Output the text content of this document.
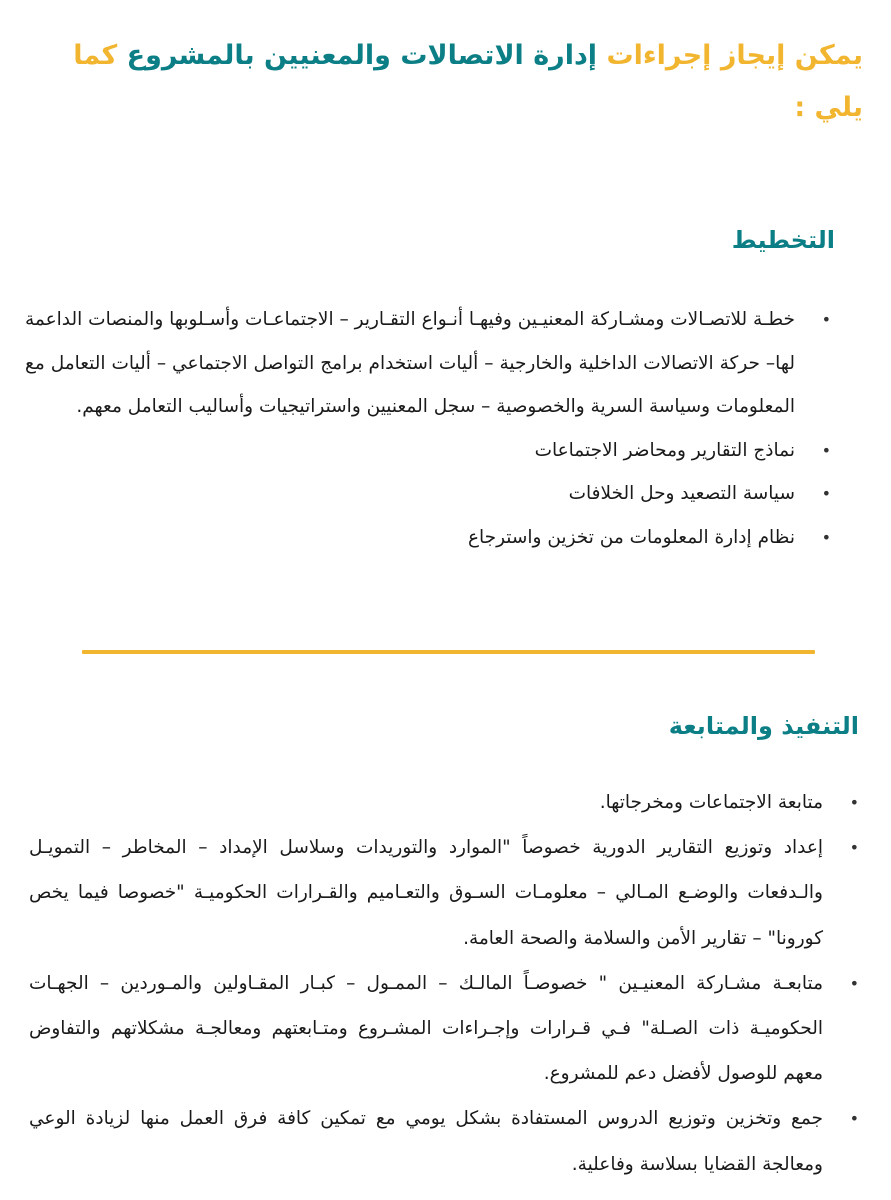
يمكن إيجاز إجراءات إدارة الاتصالات والمعنيين بالمشروع كما يلي :
التخطيط
•
خطـة للاتصـالات ومشـاركة المعنيـين وفيهـا أنـواع التقـارير – الاجتماعـات وأسـلوبها والمنصات الداعمة لها– حركة الاتصالات الداخلية والخارجية – أليات استخدام برامج التواصل الاجتماعي – أليات التعامل مع المعلومات وسياسة السرية والخصوصية – سجل المعنيين واستراتيجيات وأساليب التعامل معهم.
•
نماذج التقارير ومحاضر الاجتماعات
•
سياسة التصعيد وحل الخلافات
•
نظام إدارة المعلومات من تخزين واسترجاع
التنفيذ والمتابعة
•
متابعة الاجتماعات ومخرجاتها.
•
إعداد وتوزيع التقارير الدورية خصوصاً "الموارد والتوريدات وسلاسل الإمداد – المخاطر – التمويـل والـدفعات والوضـع المـالي – معلومـات السـوق والتعـاميم والقـرارات الحكوميـة "خصوصا فيما يخص كورونا" – تقارير الأمن والسلامة والصحة العامة.
•
متابعـة مشـاركة المعنيـين " خصوصـاً المالـك – الممـول – كبـار المقـاولين والمـوردين – الجهـات الحكوميـة ذات الصـلة" فـي قـرارات وإجـراءات المشـروع ومتـابعتهم ومعالجـة مشكلاتهم والتفاوض معهم للوصول لأفضل دعم للمشروع.
•
جمع وتخزين وتوزيع الدروس المستفادة بشكل يومي مع تمكين كافة فرق العمل منها لزيادة الوعي ومعالجة القضايا بسلاسة وفاعلية.
